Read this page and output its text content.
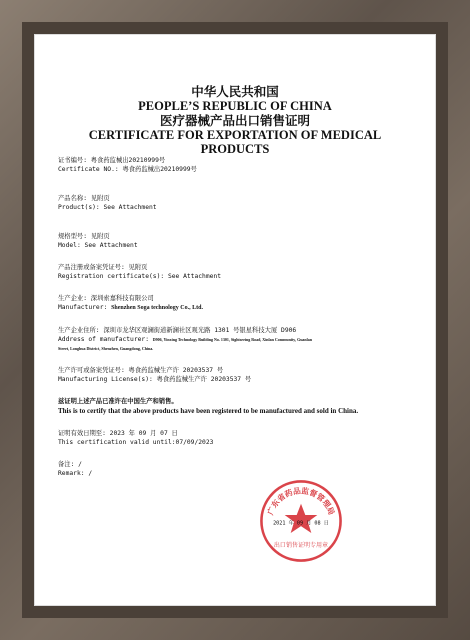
中华人民共和国
PEOPLE’S REPUBLIC OF CHINA
医疗器械产品出口销售证明
CERTIFICATE FOR EXPORTATION OF MEDICAL
PRODUCTS
证书编号: 粤食药监械出20210999号
Certificate NO.: 粤食药监械出20210999号
产品名称: 见附页
Product(s): See Attachment
规格型号: 见附页
Model: See Attachment
产品注册或备案凭证号: 见附页
Registration certificate(s): See Attachment
生产企业: 深圳索嘉科技有限公司
Manufacturer: Shenzhen Soga technology Co., Ltd.
生产企业住所: 深圳市龙华区观澜街道新澜社区观光路 1301 号银星科技大厦 D906
Address of manufacturer: D906, Yinxing Technology Building No. 1301, Sightseeing Road, Xinlan Community, Guanlan
Street, Longhua District, Shenzhen, Guangdong, China.
生产许可或备案凭证号: 粤食药监械生产许 20203537 号
Manufacturing License(s): 粤食药监械生产许 20203537 号
兹证明上述产品已准许在中国生产和销售。
This is to certify that the above products have been registered to be manufactured and sold in China.
证明有效日期至: 2023 年 09 月 07 日
This certification valid until:07/09/2023
备注: /
Remark: /
广东省药品监督管理局
2021 年 09 月 08 日
出口销售证明专用章
